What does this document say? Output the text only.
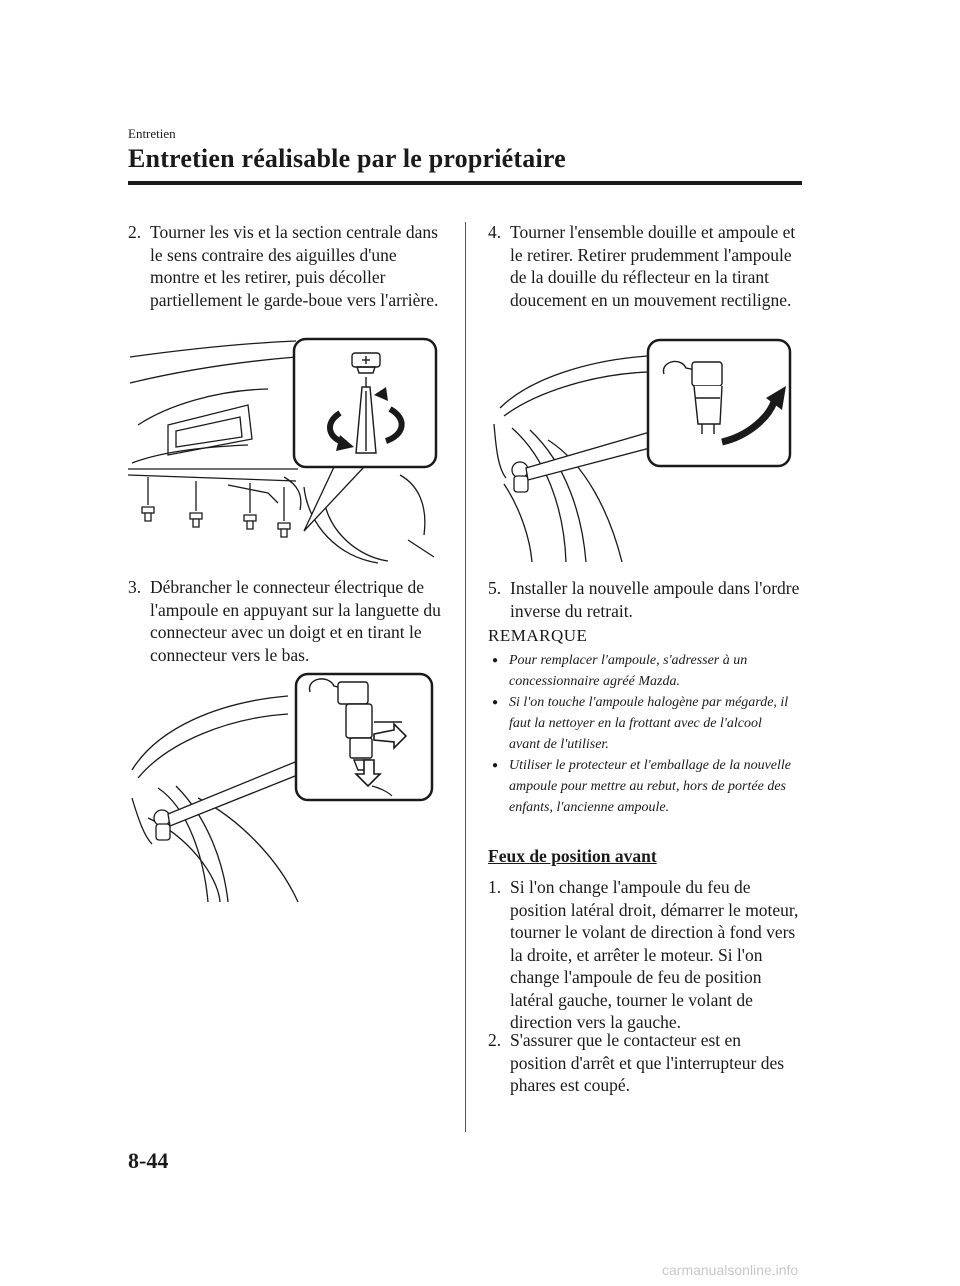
Entretien
Entretien réalisable par le propriétaire
2. Tourner les vis et la section centrale dans le sens contraire des aiguilles d'une montre et les retirer, puis décoller partiellement le garde-boue vers l'arrière.
3. Débrancher le connecteur électrique de l'ampoule en appuyant sur la languette du connecteur avec un doigt et en tirant le connecteur vers le bas.
4. Tourner l'ensemble douille et ampoule et le retirer. Retirer prudemment l'ampoule de la douille du réflecteur en la tirant doucement en un mouvement rectiligne.
5. Installer la nouvelle ampoule dans l'ordre inverse du retrait.
REMARQUE
● Pour remplacer l'ampoule, s'adresser à un concessionnaire agréé Mazda.
● Si l'on touche l'ampoule halogène par mégarde, il faut la nettoyer en la frottant avec de l'alcool avant de l'utiliser.
● Utiliser le protecteur et l'emballage de la nouvelle ampoule pour mettre au rebut, hors de portée des enfants, l'ancienne ampoule.
Feux de position avant
1. Si l'on change l'ampoule du feu de position latéral droit, démarrer le moteur, tourner le volant de direction à fond vers la droite, et arrêter le moteur. Si l'on change l'ampoule de feu de position latéral gauche, tourner le volant de direction vers la gauche.
2. S'assurer que le contacteur est en position d'arrêt et que l'interrupteur des phares est coupé.
8-44
carmanualsonline.info
